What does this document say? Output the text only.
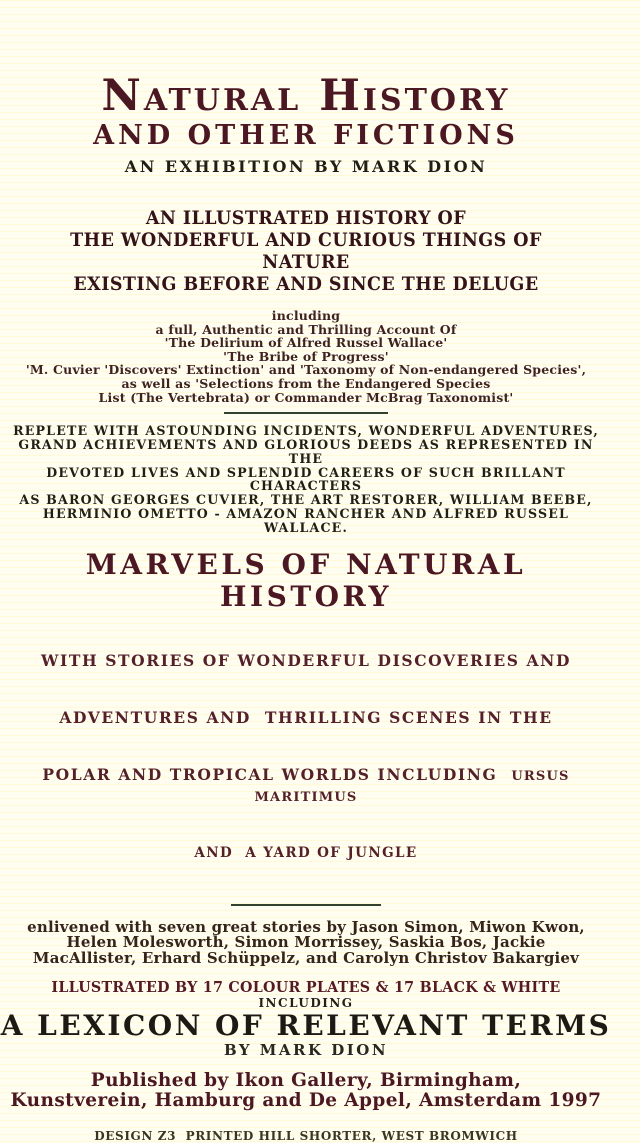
Natural History
AND OTHER FICTIONS
AN EXHIBITION BY MARK DION
AN ILLUSTRATED HISTORY OF
THE WONDERFUL AND CURIOUS THINGS OF NATURE
EXISTING BEFORE AND SINCE THE DELUGE
including
a full, Authentic and Thrilling Account Of
'The Delirium of Alfred Russel Wallace'
'The Bribe of Progress'
'M. Cuvier 'Discovers' Extinction' and 'Taxonomy of Non-endangered Species',
as well as 'Selections from the Endangered Species
List (The Vertebrata) or Commander McBrag Taxonomist'
REPLETE WITH ASTOUNDING INCIDENTS, WONDERFUL ADVENTURES,
GRAND ACHIEVEMENTS AND GLORIOUS DEEDS AS REPRESENTED IN THE
DEVOTED LIVES AND SPLENDID CAREERS OF SUCH BRILLANT CHARACTERS
AS BARON GEORGES CUVIER, THE ART RESTORER, WILLIAM BEEBE,
HERMINIO OMETTO - AMAZON RANCHER AND ALFRED RUSSEL WALLACE.
MARVELS OF NATURAL HISTORY

WITH STORIES OF WONDERFUL DISCOVERIES AND

ADVENTURES AND  THRILLING SCENES IN THE

POLAR AND TROPICAL WORLDS INCLUDING  URSUS MARITIMUS

AND  A YARD OF JUNGLE

enlivened with seven great stories by Jason Simon, Miwon Kwon,
Helen Molesworth, Simon Morrissey, Saskia Bos, Jackie
MacAllister, Erhard Schüppelz, and Carolyn Christov Bakargiev
ILLUSTRATED BY 17 COLOUR PLATES & 17 BLACK & WHITE
INCLUDING
A LEXICON OF RELEVANT TERMS
BY MARK DION
Published by Ikon Gallery, Birmingham,
Kunstverein, Hamburg and De Appel, Amsterdam 1997
DESIGN Z3  PRINTED HILL SHORTER, WEST BROMWICH
